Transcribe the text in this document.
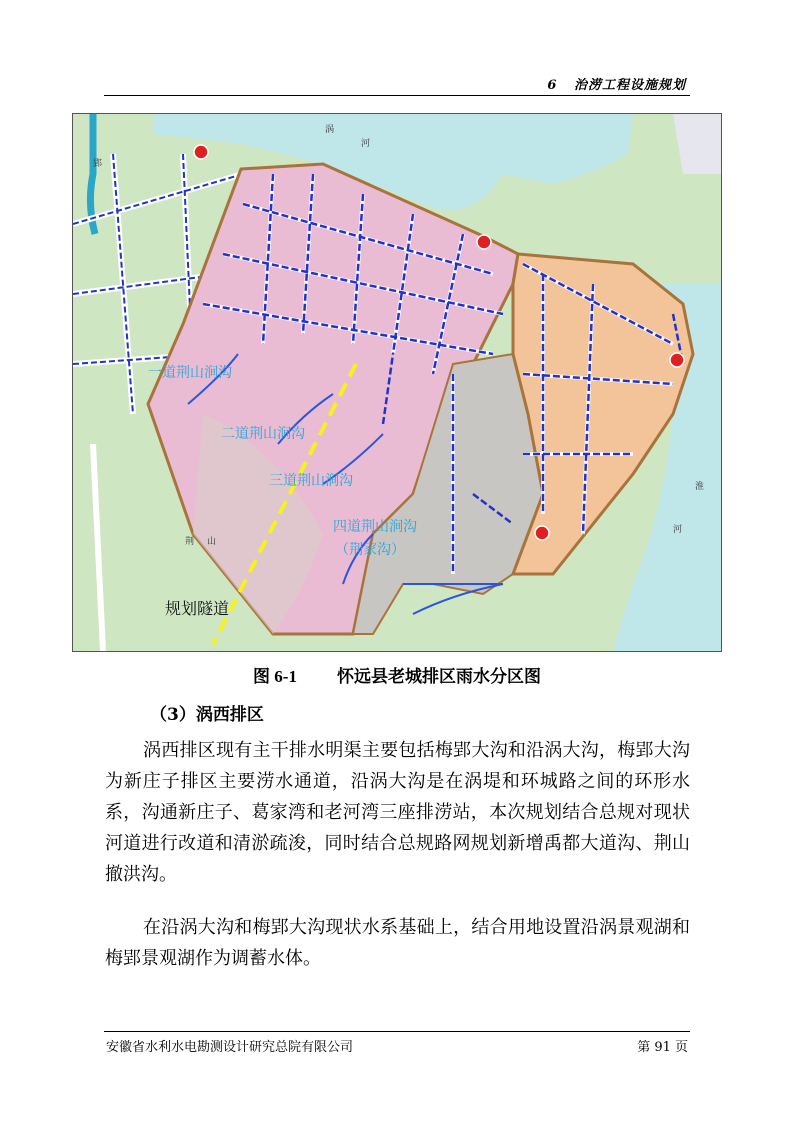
6 治涝工程设施规划
涡
河
郢
荆 山
淮
河
一道荆山涧沟
二道荆山涧沟
三道荆山涧沟
四道荆山涧沟
（荆家沟）
规划隧道
图 6-1 怀远县老城排区雨水分区图
（3）涡西排区

涡西排区现有主干排水明渠主要包括梅郢大沟和沿涡大沟，梅郢大沟为新庄子排区主要涝水通道，沿涡大沟是在涡堤和环城路之间的环形水系，沟通新庄子、葛家湾和老河湾三座排涝站，本次规划结合总规对现状河道进行改道和清淤疏浚，同时结合总规路网规划新增禹都大道沟、荆山撤洪沟。

在沿涡大沟和梅郢大沟现状水系基础上，结合用地设置沿涡景观湖和梅郢景观湖作为调蓄水体。

安徽省水利水电勘测设计研究总院有限公司	第 91 页
